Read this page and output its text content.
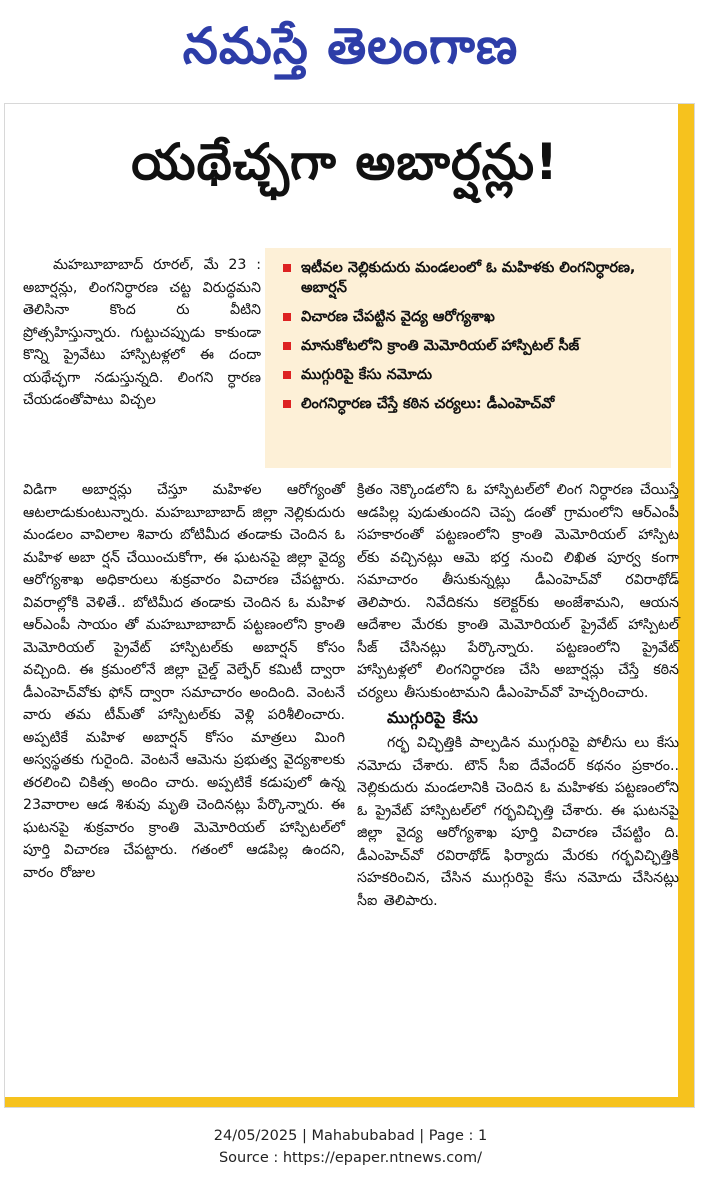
నమస్తే తెలంగాణ
యథేచ్ఛగా అబార్షన్లు!

మహబూబాబాద్ రూరల్, మే 23 : అబార్షన్లు, లింగనిర్ధారణ చట్ట విరుద్ధమని తెలిసినా కొంద రు వీటిని ప్రోత్సహిస్తున్నారు. గుట్టుచప్పుడు కాకుండా కొన్ని ప్రైవేటు హాస్పిటళ్లలో ఈ దందా యథేచ్ఛగా నడుస్తున్నది. లింగని ర్ధారణ చేయడంతోపాటు విచ్చల

ఇటీవల నెల్లికుదురు మండలంలో ఓ మహిళకు లింగనిర్ధారణ, అబార్షన్
విచారణ చేపట్టిన వైద్య ఆరోగ్యశాఖ
మానుకోటలోని క్రాంతి మెమోరియల్ హాస్పిటల్ సీజ్
ముగ్గురిపై కేసు నమోదు
లింగనిర్ధారణ చేస్తే కఠిన చర్యలు: డీఎంహెచ్‌వో

విడిగా అబార్షన్లు చేస్తూ మహిళల ఆరోగ్యంతో ఆటలాడుకుంటున్నారు. మహబూబాబాద్ జిల్లా నెల్లికుదురు మండలం వావిలాల శివారు బోటిమీద తండాకు చెందిన ఓ మహిళ అబా ర్షన్ చేయించుకోగా, ఈ ఘటనపై జిల్లా వైద్య ఆరోగ్యశాఖ అధికారులు శుక్రవారం విచారణ చేపట్టారు. వివరాల్లోకి వెళితే.. బోటిమీద తండాకు చెందిన ఓ మహిళ ఆర్‌ఎంపీ సాయం తో మహబూబాబాద్ పట్టణంలోని క్రాంతి మెమోరియల్ ప్రైవేట్ హాస్పిటల్‌కు అబార్షన్ కోసం వచ్చింది. ఈ క్రమంలోనే జిల్లా చైల్డ్ వెల్ఫేర్ కమిటీ ద్వారా డీఎంహెచ్‌వోకు ఫోన్ ద్వారా సమాచారం అందింది. వెంటనే వారు తమ టీమ్‌తో హాస్పిటల్‌కు వెళ్లి పరిశీలించారు. అప్పటికే మహిళ అబార్షన్ కోసం మాత్రలు మింగి అస్వస్థతకు గురైంది. వెంటనే ఆమెను ప్రభుత్వ వైద్యశాలకు తరలించి చికిత్స అందిం చారు. అప్పటికే కడుపులో ఉన్న 23వారాల ఆడ శిశువు మృతి చెందినట్లు పేర్కొన్నారు. ఈ ఘటనపై శుక్రవారం క్రాంతి మెమోరియల్ హాస్పిటల్‌లో పూర్తి విచారణ చేపట్టారు. గతంలో ఆడపిల్ల ఉందని, వారం రోజుల

క్రితం నెక్కొండలోని ఓ హాస్పిటల్‌లో లింగ నిర్ధారణ చేయిస్తే ఆడపిల్ల పుడుతుందని చెప్ప డంతో గ్రామంలోని ఆర్‌ఎంపీ సహకారంతో పట్టణంలోని క్రాంతి మెమోరియల్ హాస్పిట ల్‌కు వచ్చినట్లు ఆమె భర్త నుంచి లిఖిత పూర్వ కంగా సమాచారం తీసుకున్నట్లు డీఎంహెచ్‌వో రవిరాథోడ్ తెలిపారు. నివేదికను కలెక్టర్‌కు అంజేశామని, ఆయన ఆదేశాల మేరకు క్రాంతి మెమోరియల్ ప్రైవేట్ హాస్పిటల్ సీజ్ చేసినట్లు పేర్కొన్నారు. పట్టణంలోని ప్రైవేట్ హాస్పిటళ్లలో లింగనిర్ధారణ చేసి అబార్షన్లు చేస్తే కఠిన చర్యలు తీసుకుంటామని డీఎంహెచ్‌వో హెచ్చరించారు.

ముగ్గురిపై కేసు

గర్భ విచ్ఛిత్తికి పాల్పడిన ముగ్గురిపై పోలీసు లు కేసు నమోదు చేశారు. టౌన్ సీఐ దేవేందర్ కథనం ప్రకారం.. నెల్లికుదురు మండలానికి చెందిన ఓ మహిళకు పట్టణంలోని ఓ ప్రైవేట్ హాస్పిటల్‌లో గర్భవిచ్ఛిత్తి చేశారు. ఈ ఘటనపై జిల్లా వైద్య ఆరోగ్యశాఖ పూర్తి విచారణ చేపట్టిం ది. డీఎంహెచ్‌వో రవిరాథోడ్ ఫిర్యాదు మేరకు గర్భవిచ్ఛిత్తికి సహకరించిన, చేసిన ముగ్గురిపై కేసు నమోదు చేసినట్లు సీఐ తెలిపారు.

24/05/2025 | Mahabubabad | Page : 1
Source : https://epaper.ntnews.com/
